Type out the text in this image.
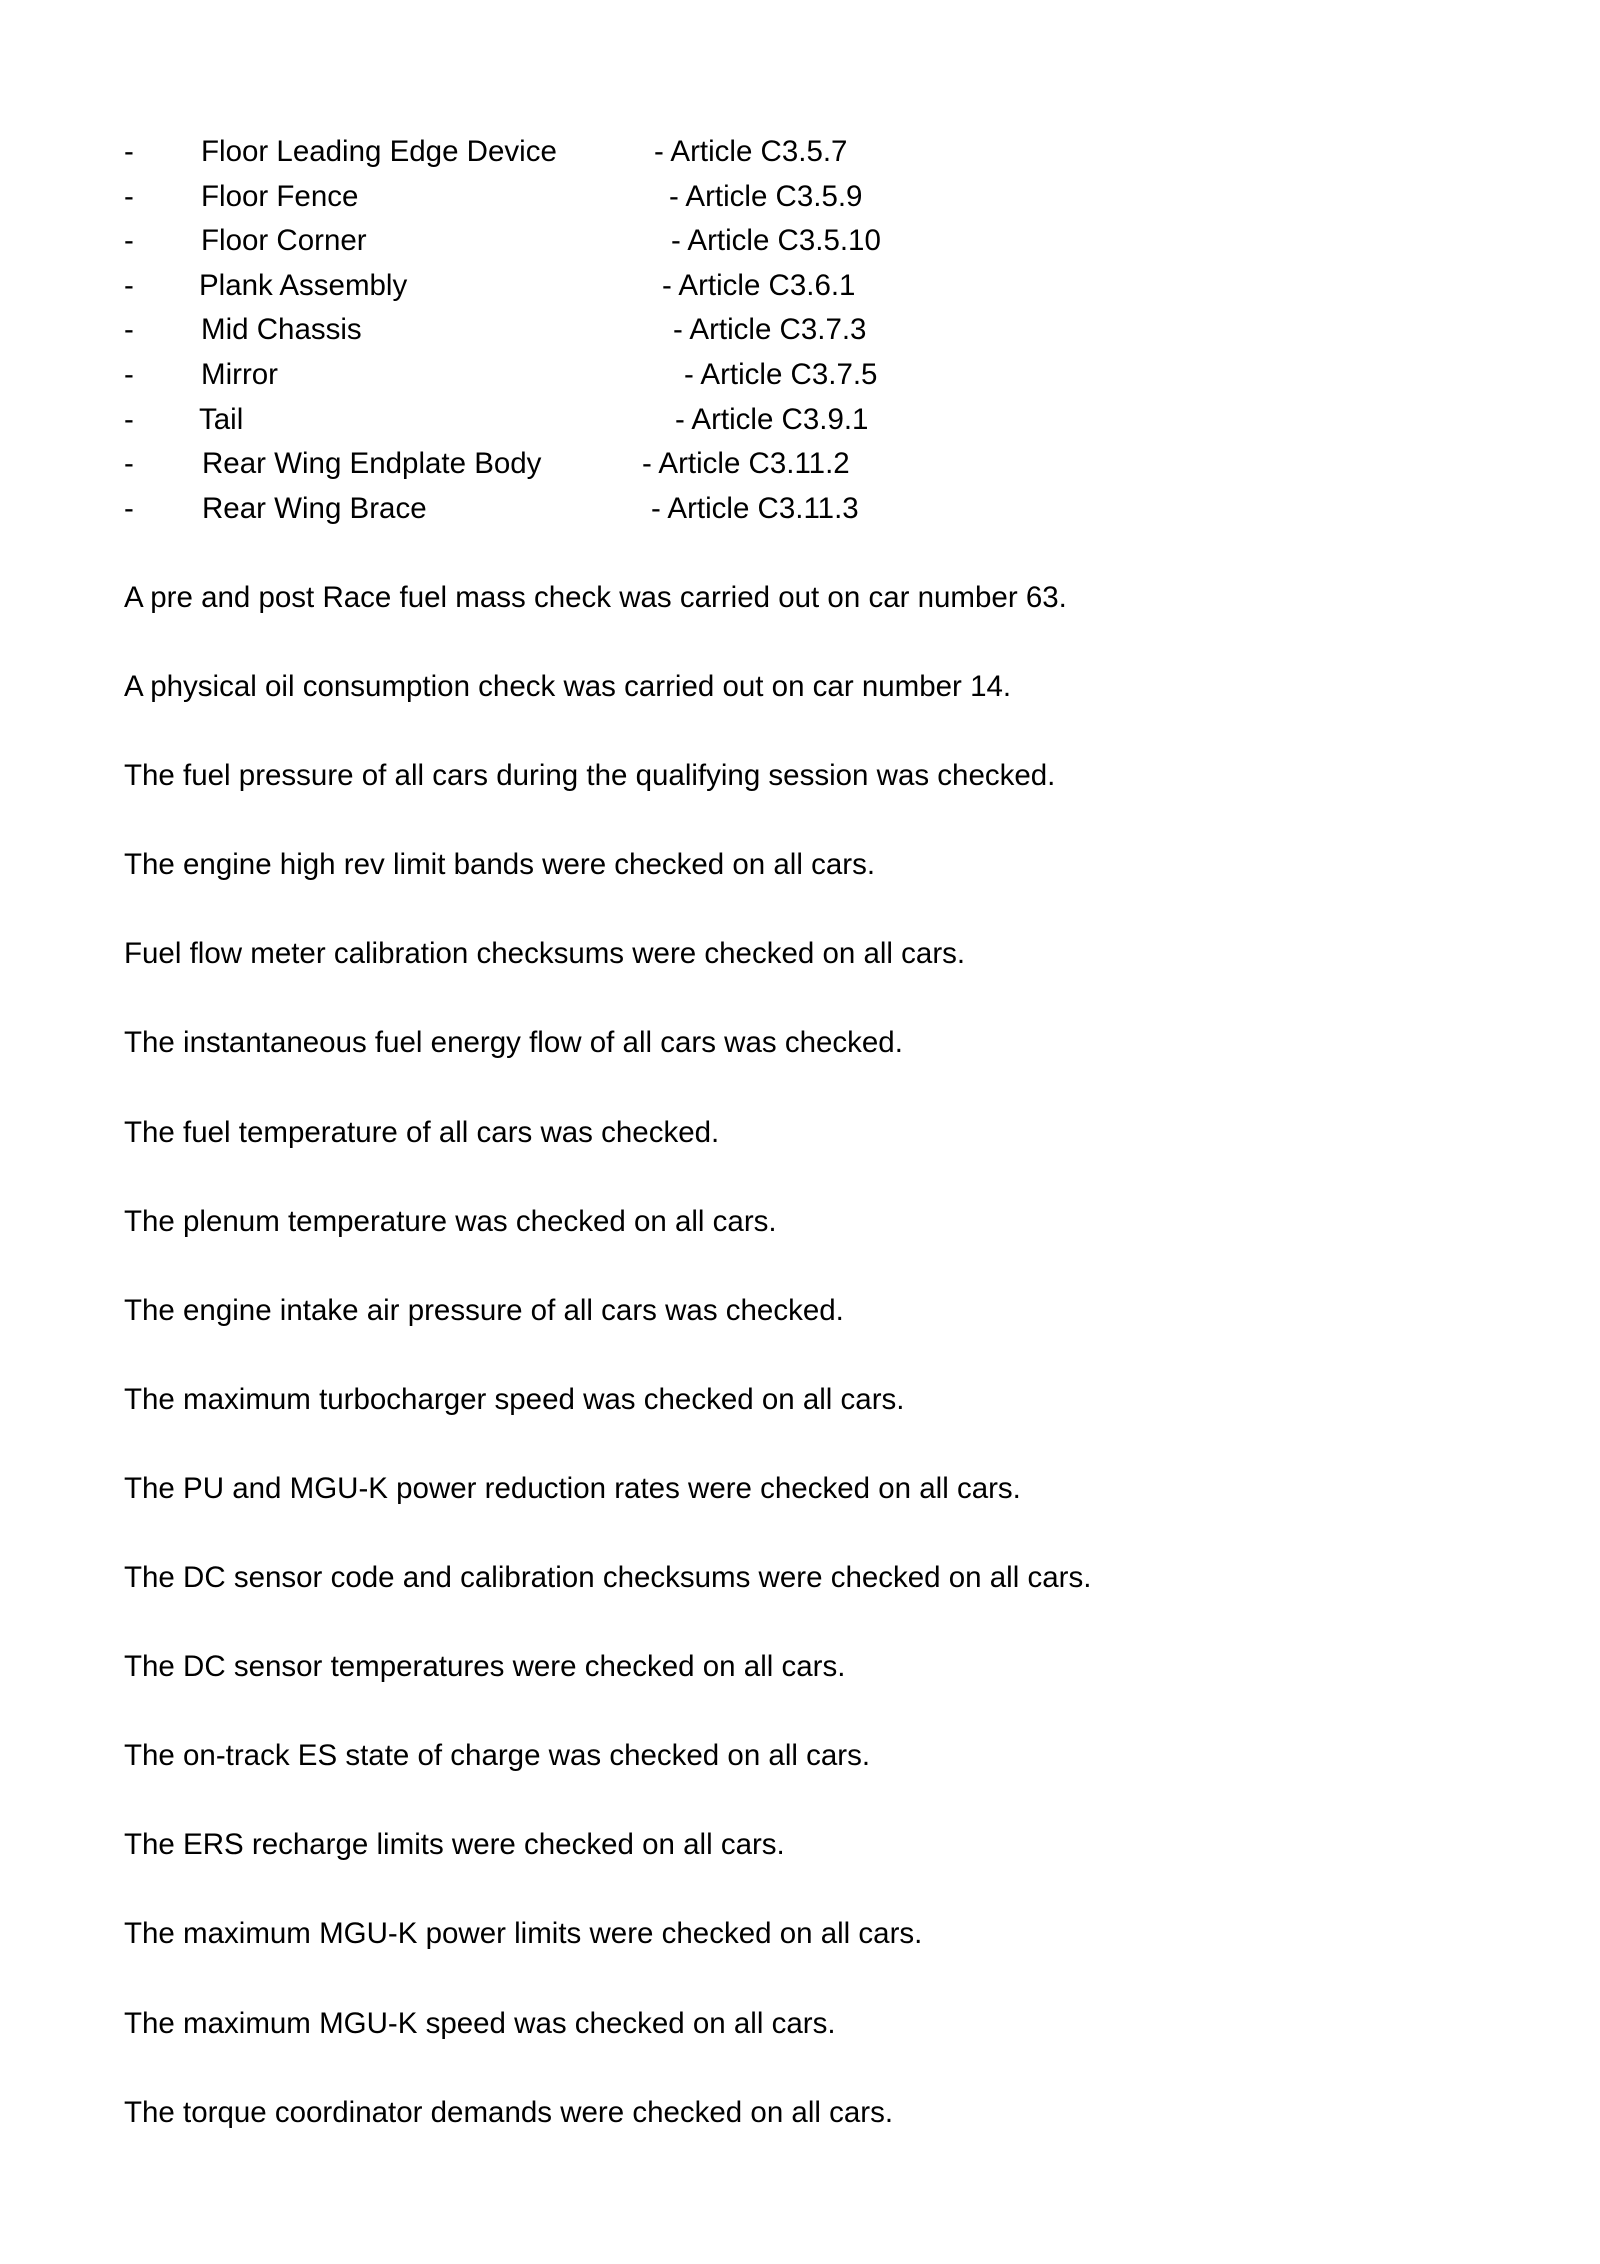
- Floor Leading Edge Device	- Article C3.5.7
- Floor Fence	- Article C3.5.9
- Floor Corner	- Article C3.5.10
- Plank Assembly	- Article C3.6.1
- Mid Chassis	- Article C3.7.3
- Mirror	- Article C3.7.5
- Tail	- Article C3.9.1
- Rear Wing Endplate Body	- Article C3.11.2
- Rear Wing Brace	- Article C3.11.3
A pre and post Race fuel mass check was carried out on car number 63.
A physical oil consumption check was carried out on car number 14.
The fuel pressure of all cars during the qualifying session was checked.
The engine high rev limit bands were checked on all cars.
Fuel flow meter calibration checksums were checked on all cars.
The instantaneous fuel energy flow of all cars was checked.
The fuel temperature of all cars was checked.
The plenum temperature was checked on all cars.
The engine intake air pressure of all cars was checked.
The maximum turbocharger speed was checked on all cars.
The PU and MGU-K power reduction rates were checked on all cars.
The DC sensor code and calibration checksums were checked on all cars.
The DC sensor temperatures were checked on all cars.
The on-track ES state of charge was checked on all cars.
The ERS recharge limits were checked on all cars.
The maximum MGU-K power limits were checked on all cars.
The maximum MGU-K speed was checked on all cars.
The torque coordinator demands were checked on all cars.
